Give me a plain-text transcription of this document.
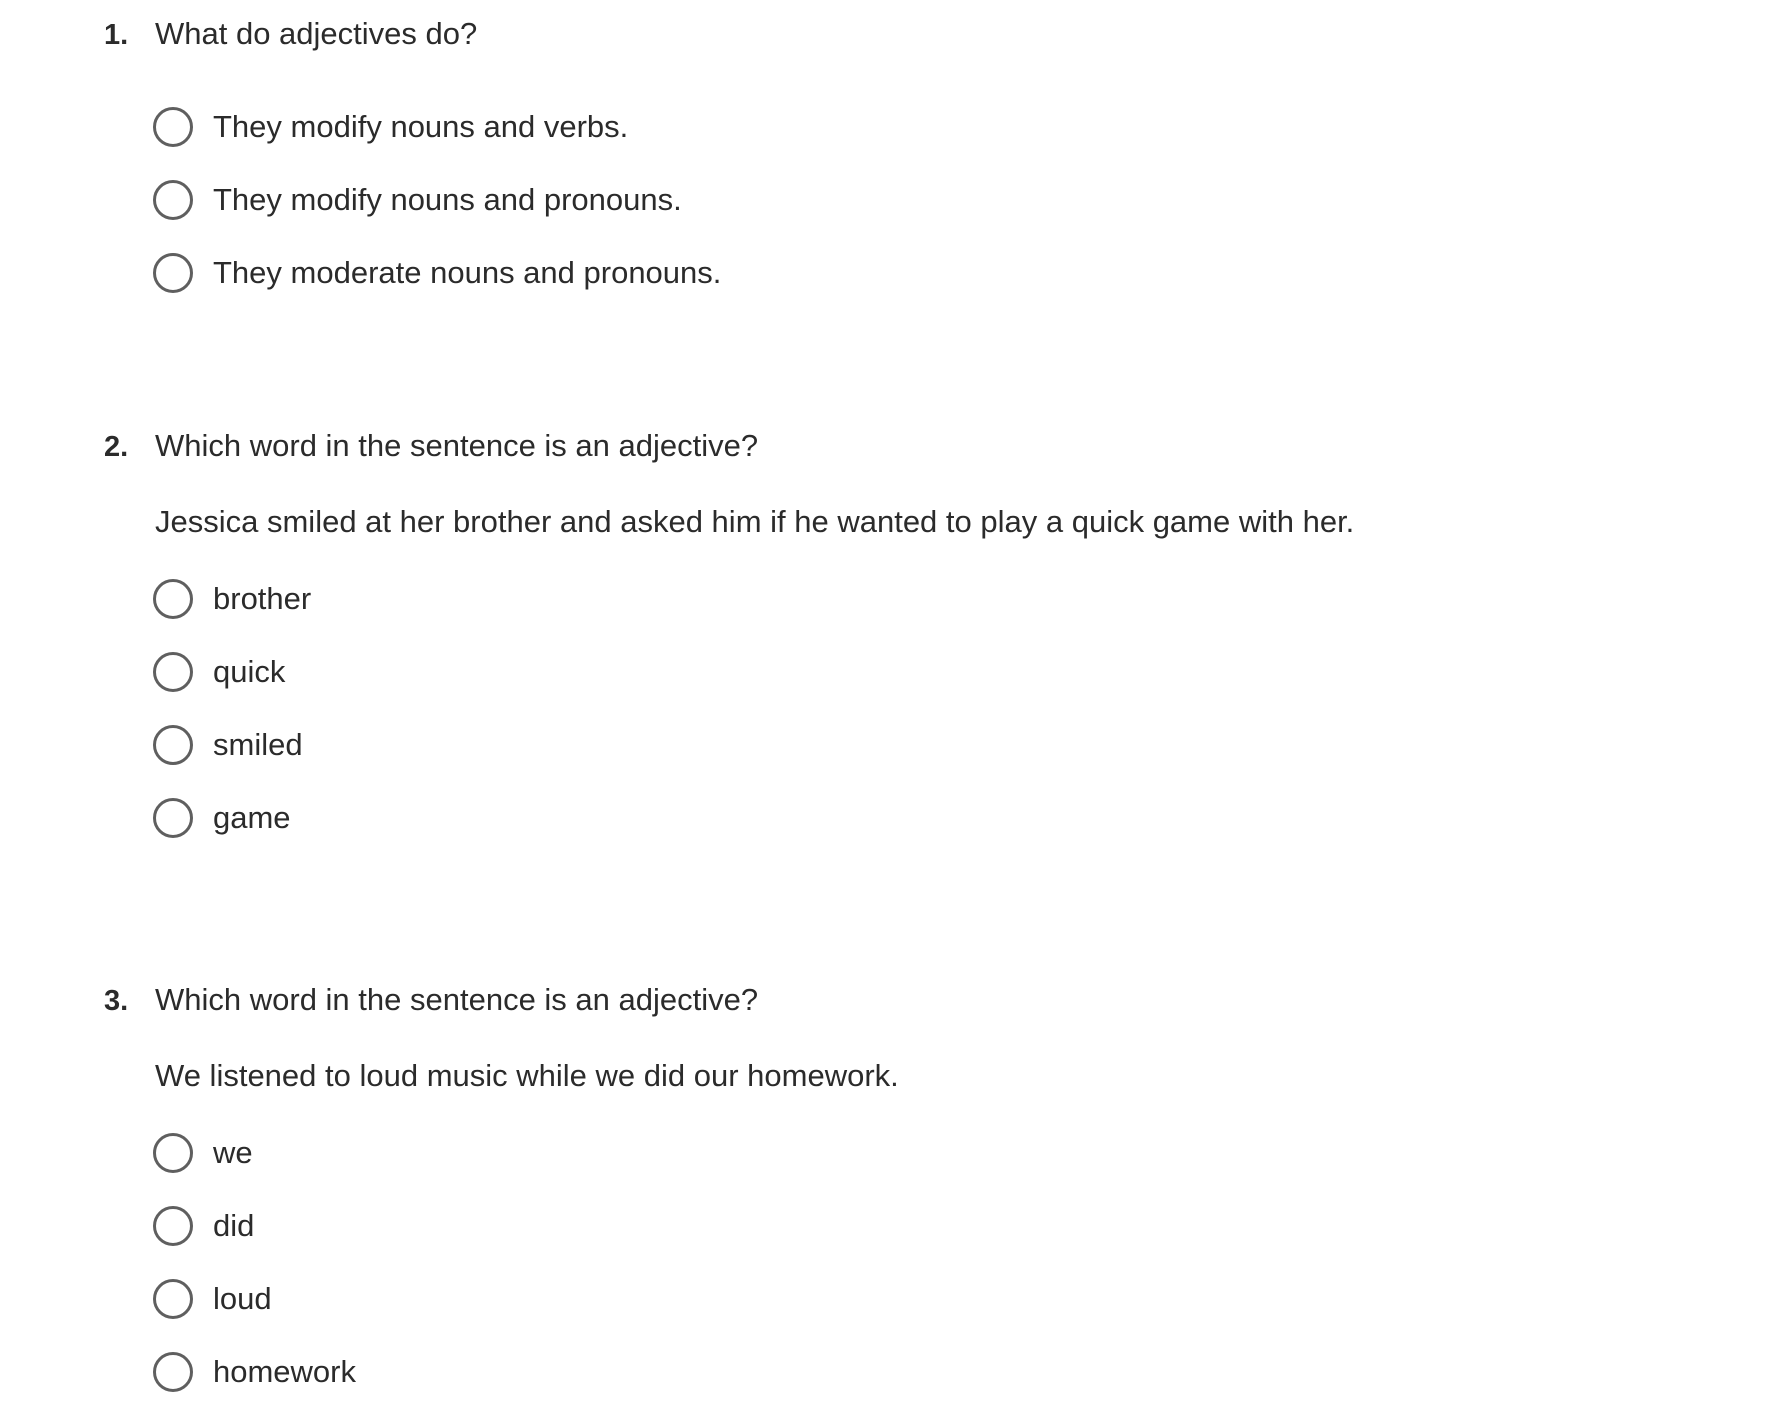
1. What do adjectives do?
They modify nouns and verbs.
They modify nouns and pronouns.
They moderate nouns and pronouns.
2. Which word in the sentence is an adjective?
Jessica smiled at her brother and asked him if he wanted to play a quick game with her.
brother
quick
smiled
game
3. Which word in the sentence is an adjective?
We listened to loud music while we did our homework.
we
did
loud
homework
